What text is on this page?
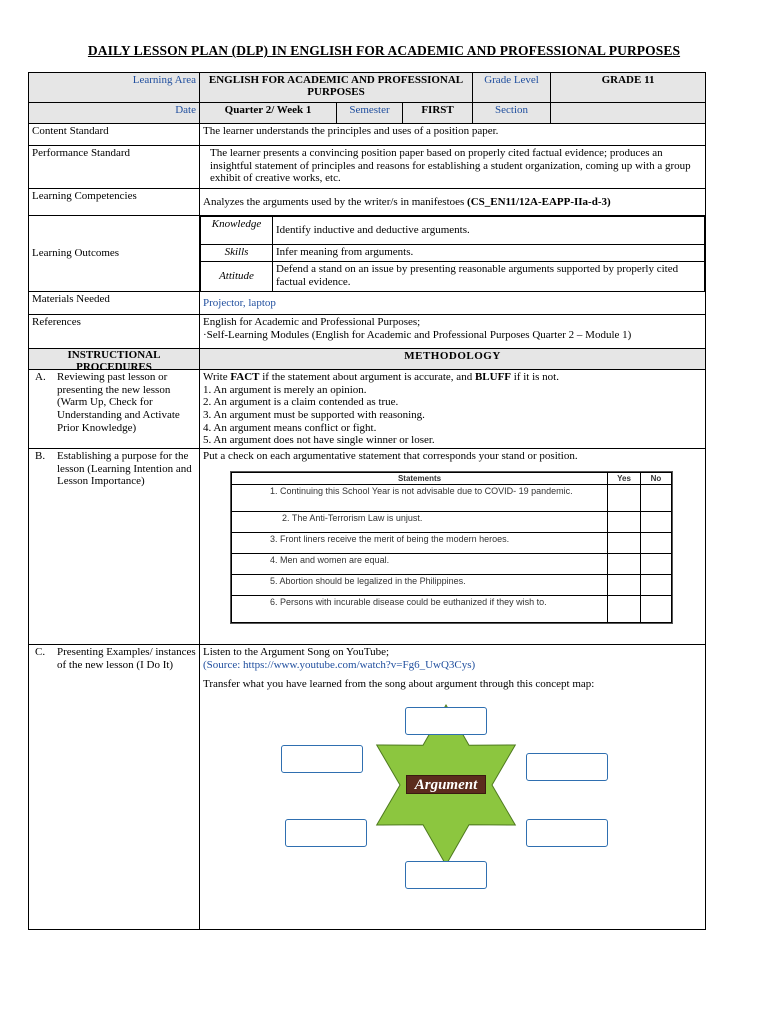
DAILY LESSON PLAN (DLP) IN ENGLISH FOR ACADEMIC AND PROFESSIONAL PURPOSES
Learning Area	ENGLISH FOR ACADEMIC AND PROFESSIONAL PURPOSES	Grade Level	GRADE 11
Date	Quarter 2/ Week 1	Semester	FIRST	Section	
Content Standard	The learner understands the principles and uses of a position paper.
Performance Standard	The learner presents a convincing position paper based on properly cited factual evidence; produces an insightful statement of principles and reasons for establishing a student organization, coming up with a group exhibit of creative works, etc.
Learning Competencies	Analyzes the arguments used by the writer/s in manifestoes (CS_EN11/12A-EAPP-IIa-d-3)
Learning Outcomes	
Knowledge	Identify inductive and deductive arguments.
Skills	Infer meaning from arguments.
Attitude	Defend a stand on an issue by presenting reasonable arguments supported by properly cited factual evidence.

Materials Needed	Projector, laptop
References	English for Academic and Professional Purposes;
·Self-Learning Modules (English for Academic and Professional Purposes Quarter 2 – Module 1)

INSTRUCTIONAL PROCEDURES
	METHODOLOGY

A.	Reviewing past lesson or presenting the new lesson (Warm Up, Check for Understanding and Activate Prior Knowledge)

Write FACT if the statement about argument is accurate, and BLUFF if it is not.
1. An argument is merely an opinion.
2. An argument is a claim contended as true.
3. An argument must be supported with reasoning.
4. An argument means conflict or fight.
5. An argument does not have single winner or loser.

B.	Establishing a purpose for the lesson (Learning Intention and Lesson Importance)

Put a check on each argumentative statement that corresponds your stand or position.
Statements	Yes	No
1. Continuing this School Year is not advisable due to COVID- 19 pandemic.		
2. The Anti-Terrorism Law is unjust.		
3. Front liners receive the merit of being the modern heroes.		
4. Men and women are equal.		
5. Abortion should be legalized in the Philippines.		
6. Persons with incurable disease could be euthanized if they wish to.		

C.	Presenting Examples/ instances of the new lesson (I Do It)

Listen to the Argument Song on YouTube;
(Source: https://www.youtube.com/watch?v=Fg6_UwQ3Cys)
Transfer what you have learned from the song about argument through this concept map:
Argument
